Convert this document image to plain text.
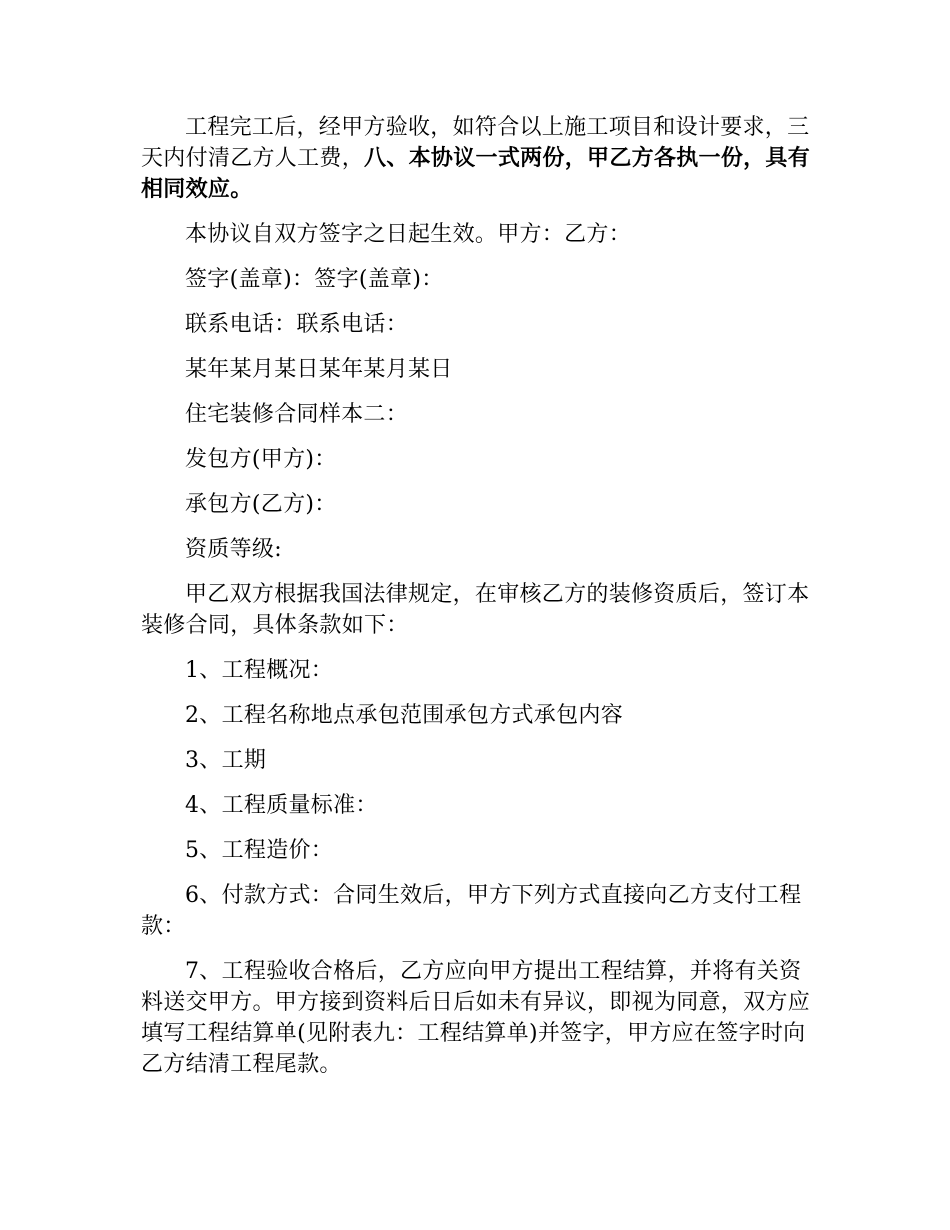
工程完工后，经甲方验收，如符合以上施工项目和设计要求，三天内付清乙方人工费，八、本协议一式两份，甲乙方各执一份，具有相同效应。

本协议自双方签字之日起生效。甲方：乙方：

签字(盖章)：签字(盖章)：

联系电话：联系电话：

某年某月某日某年某月某日

住宅装修合同样本二：

发包方(甲方)：

承包方(乙方)：

资质等级:

甲乙双方根据我国法律规定，在审核乙方的装修资质后，签订本装修合同，具体条款如下：

1、工程概况：

2、工程名称地点承包范围承包方式承包内容

3、工期

4、工程质量标准：

5、工程造价：

6、付款方式：合同生效后，甲方下列方式直接向乙方支付工程款：

7、工程验收合格后，乙方应向甲方提出工程结算，并将有关资料送交甲方。甲方接到资料后日后如未有异议，即视为同意，双方应填写工程结算单(见附表九：工程结算单)并签字，甲方应在签字时向乙方结清工程尾款。
